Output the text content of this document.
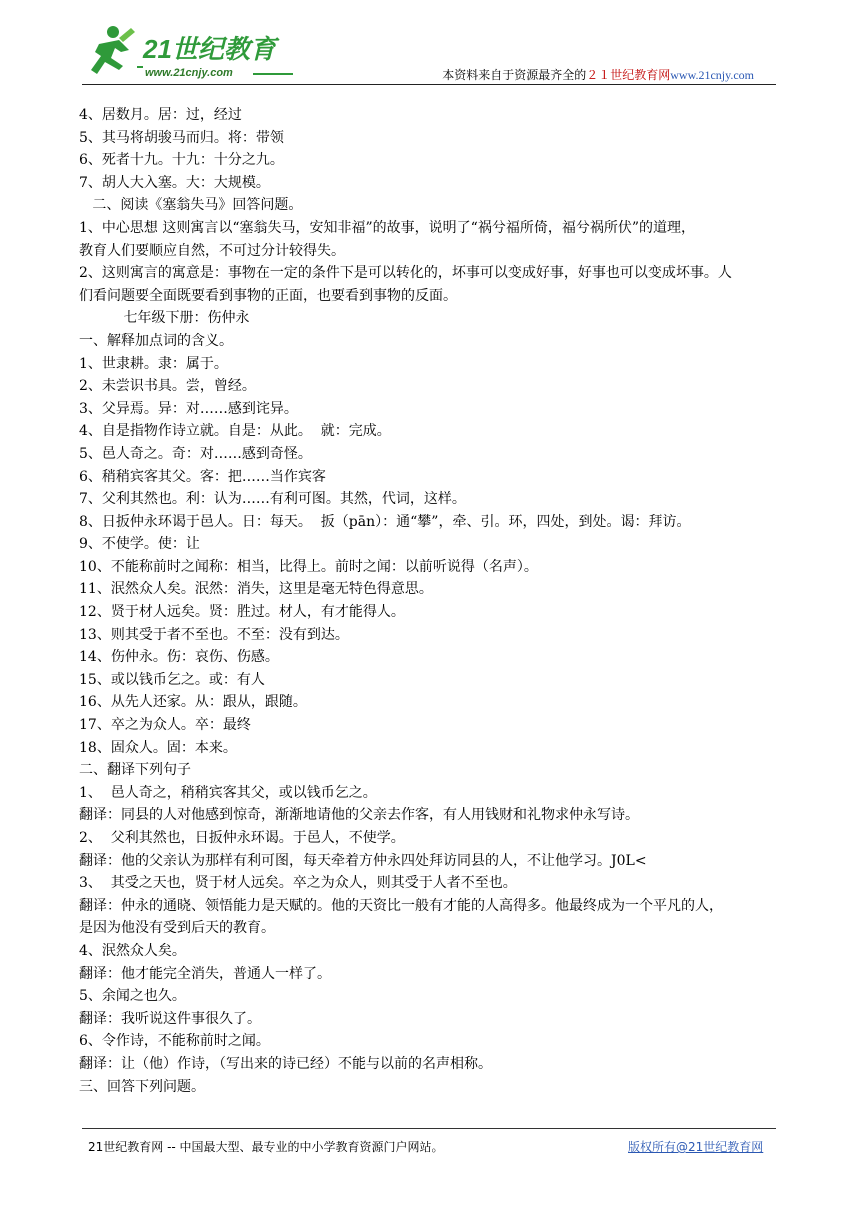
21世纪教育
www.21cnjy.com	本资料来自于资源最齐全的２１世纪教育网www.21cnjy.com
4、居数月。居：过，经过
5、其马将胡骏马而归。将：带领
6、死者十九。十九：十分之九。
7、胡人大入塞。大：大规模。
二、阅读《塞翁失马》回答问题。
1、中心思想 这则寓言以“塞翁失马，安知非福”的故事，说明了“祸兮福所倚，福兮祸所伏”的道理，
教育人们要顺应自然，不可过分计较得失。
2、这则寓言的寓意是：事物在一定的条件下是可以转化的，坏事可以变成好事，好事也可以变成坏事。人
们看问题要全面既要看到事物的正面，也要看到事物的反面。
七年级下册：伤仲永
一、解释加点词的含义。
1、世隶耕。隶：属于。
2、未尝识书具。尝，曾经。
3、父异焉。异：对……感到诧异。
4、自是指物作诗立就。自是：从此。  就：完成。
5、邑人奇之。奇：对……感到奇怪。
6、稍稍宾客其父。客：把……当作宾客
7、父利其然也。利：认为……有利可图。其然，代词，这样。
8、日扳仲永环谒于邑人。日：每天。  扳（pān）：通“攀”，牵、引。环，四处，到处。谒：拜访。
9、不使学。使：让
10、不能称前时之闻称：相当，比得上。前时之闻：以前听说得（名声）。
11、泯然众人矣。泯然：消失，这里是毫无特色得意思。
12、贤于材人远矣。贤：胜过。材人，有才能得人。
13、则其受于者不至也。不至：没有到达。
14、伤仲永。伤：哀伤、伤感。
15、或以钱币乞之。或：有人
16、从先人还家。从：跟从，跟随。
17、卒之为众人。卒：最终
18、固众人。固：本来。
二、翻译下列句子
1、  邑人奇之，稍稍宾客其父，或以钱币乞之。
翻译：同县的人对他感到惊奇，渐渐地请他的父亲去作客，有人用钱财和礼物求仲永写诗。
2、  父利其然也，日扳仲永环谒。于邑人，不使学。
翻译：他的父亲认为那样有利可图，每天牵着方仲永四处拜访同县的人，不让他学习。J0L<
3、  其受之天也，贤于材人远矣。卒之为众人，则其受于人者不至也。
翻译：仲永的通晓、领悟能力是天赋的。他的天资比一般有才能的人高得多。他最终成为一个平凡的人，
是因为他没有受到后天的教育。
4、泯然众人矣。
翻译：他才能完全消失，普通人一样了。
5、余闻之也久。
翻译：我听说这件事很久了。
6、令作诗，不能称前时之闻。
翻译：让（他）作诗，（写出来的诗已经）不能与以前的名声相称。
三、回答下列问题。
21世纪教育网 -- 中国最大型、最专业的中小学教育资源门户网站。	版权所有@21世纪教育网
